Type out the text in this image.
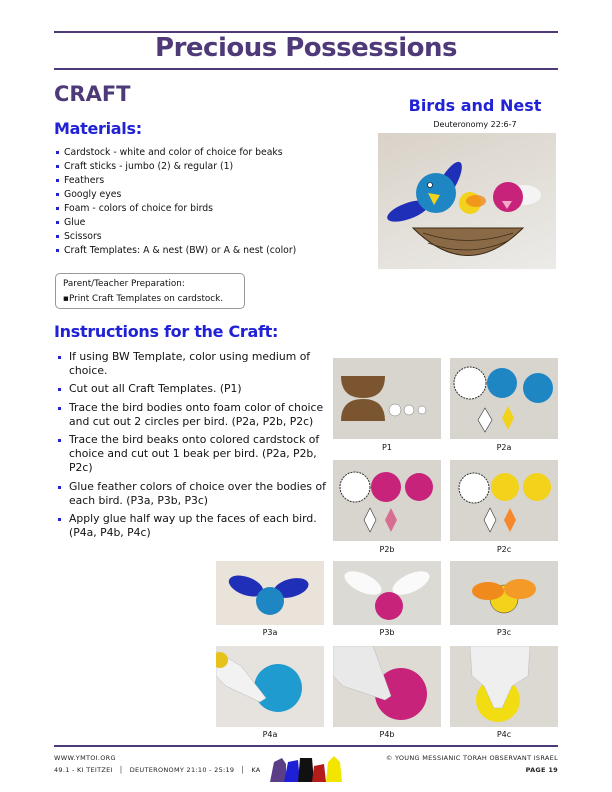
Precious Possessions
CRAFT
Materials:
Cardstock - white and color of choice for beaks
Craft sticks - jumbo (2) & regular (1)
Feathers
Googly eyes
Foam - colors of choice for birds
Glue
Scissors
Craft Templates: A & nest (BW) or A & nest (color)
Parent/Teacher Preparation:
▪Print Craft Templates on cardstock.
Birds and Nest
Deuteronomy 22:6-7
Instructions for the Craft:
If using BW Template, color using medium of choice.
Cut out all Craft Templates. (P1)
Trace the bird bodies onto foam color of choice and cut out 2 circles per bird. (P2a, P2b, P2c)
Trace the bird beaks onto colored cardstock of choice and cut out 1 beak per bird. (P2a, P2b, P2c)
Glue feather colors of choice over the bodies of each bird. (P3a, P3b, P3c)
Apply glue half way up the faces of each bird. (P4a, P4b, P4c)
P1	P2a
P2b	P2c
P3a	P3b	P3c
P4a	P4b	P4c
WWW.YMTOI.ORG
49.1 - KI TEITZEI │ DEUTERONOMY 21:10 - 25:19 │ KA
© YOUNG MESSIANIC TORAH OBSERVANT ISRAEL
PAGE 19
